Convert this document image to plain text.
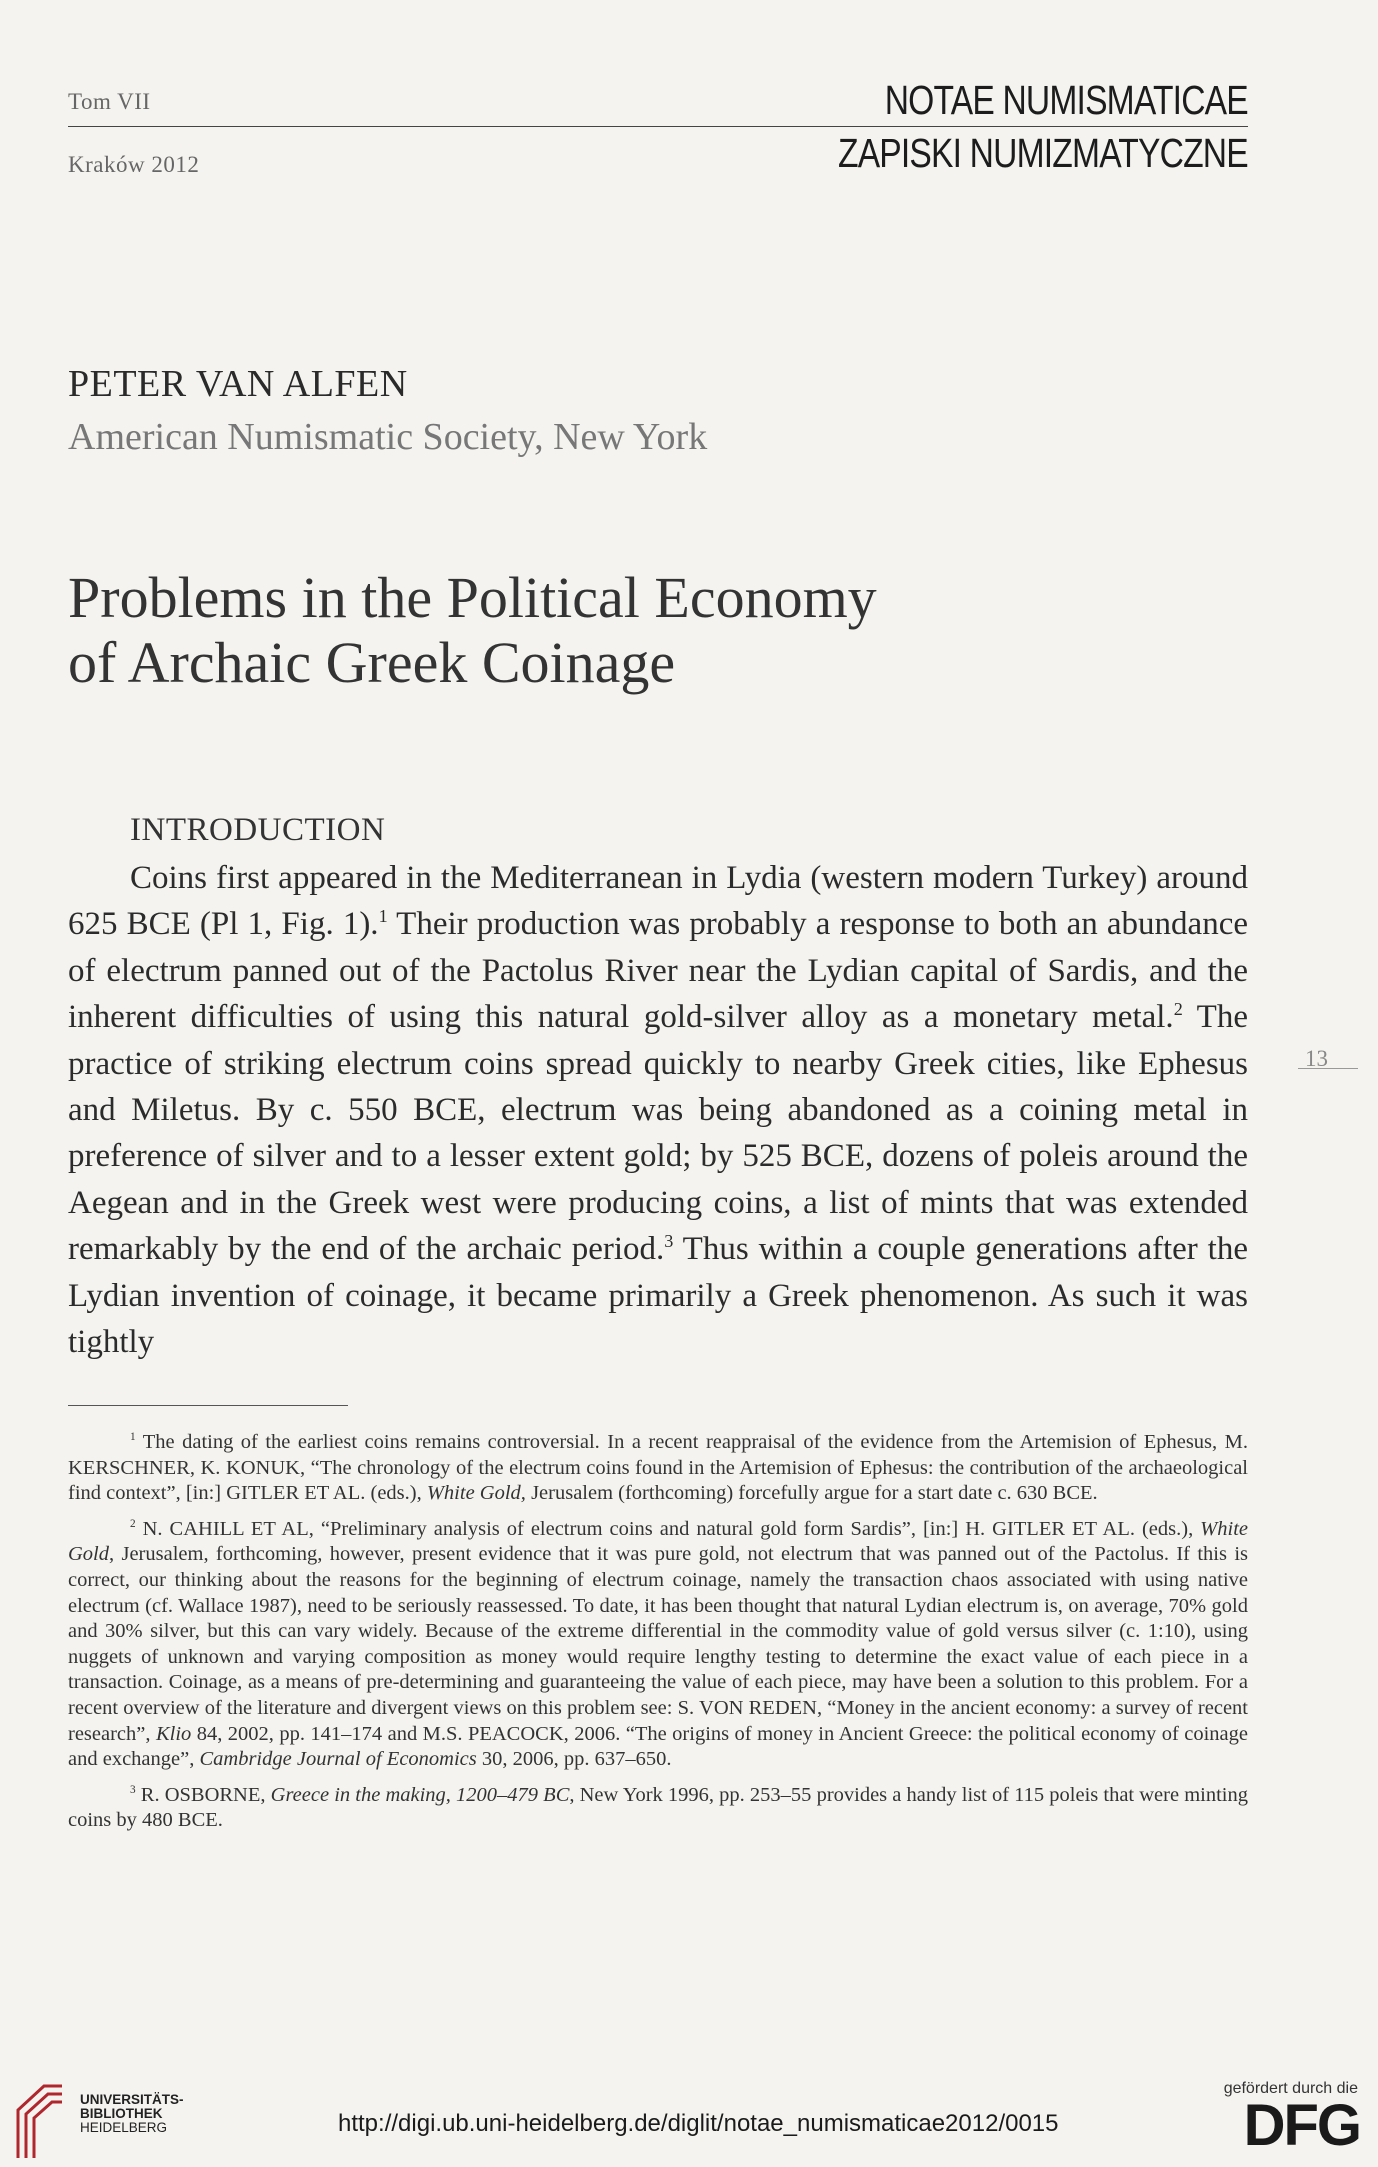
Tom VII
Kraków 2012
NOTAE NUMISMATICAE
ZAPISKI NUMIZMATYCZNE
PETER VAN ALFEN
American Numismatic Society, New York
Problems in the Political Economy
of Archaic Greek Coinage
INTRODUCTION

Coins first appeared in the Mediterranean in Lydia (western modern Turkey) around 625 BCE (Pl 1, Fig. 1).$^1$ Their production was probably a response to both an abundance of electrum panned out of the Pactolus River near the Lydian capital of Sardis, and the inherent difficulties of using this natural gold-silver alloy as a monetary metal.$^2$ The practice of striking electrum coins spread quickly to nearby Greek cities, like Ephesus and Miletus. By c. 550 BCE, electrum was being abandoned as a coining metal in preference of silver and to a lesser extent gold; by 525 BCE, dozens of poleis around the Aegean and in the Greek west were producing coins, a list of mints that was extended remarkably by the end of the archaic period.$^3$ Thus within a couple generations after the Lydian invention of coinage, it became primarily a Greek phenomenon. As such it was tightly

13

$^1$ The dating of the earliest coins remains controversial. In a recent reappraisal of the evidence from the Artemision of Ephesus, M. KERSCHNER, K. KONUK, “The chronology of the electrum coins found in the Artemision of Ephesus: the contribution of the archaeological find context”, [in:] GITLER ET AL. (eds.), White Gold, Jerusalem (forthcoming) forcefully argue for a start date c. 630 BCE.

$^2$ N. CAHILL ET AL, “Preliminary analysis of electrum coins and natural gold form Sardis”, [in:] H. GITLER ET AL. (eds.), White Gold, Jerusalem, forthcoming, however, present evidence that it was pure gold, not electrum that was panned out of the Pactolus. If this is correct, our thinking about the reasons for the beginning of electrum coinage, namely the transaction chaos associated with using native electrum (cf. Wallace 1987), need to be seriously reassessed. To date, it has been thought that natural Lydian electrum is, on average, 70% gold and 30% silver, but this can vary widely. Because of the extreme differential in the commodity value of gold versus silver (c. 1:10), using nuggets of unknown and varying composition as money would require lengthy testing to determine the exact value of each piece in a transaction. Coinage, as a means of pre-determining and guaranteeing the value of each piece, may have been a solution to this problem. For a recent overview of the literature and divergent views on this problem see: S. VON REDEN, “Money in the ancient economy: a survey of recent research”, Klio 84, 2002, pp. 141–174 and M.S. PEACOCK, 2006. “The origins of money in Ancient Greece: the political economy of coinage and exchange”, Cambridge Journal of Economics 30, 2006, pp. 637–650.

$^3$ R. OSBORNE, Greece in the making, 1200–479 BC, New York 1996, pp. 253–55 provides a handy list of 115 poleis that were minting coins by 480 BCE.

UNIVERSITÄTS-
BIBLIOTHEK
HEIDELBERG	http://digi.ub.uni-heidelberg.de/diglit/notae_numismaticae2012/0015
gefördert durch die
DFG
